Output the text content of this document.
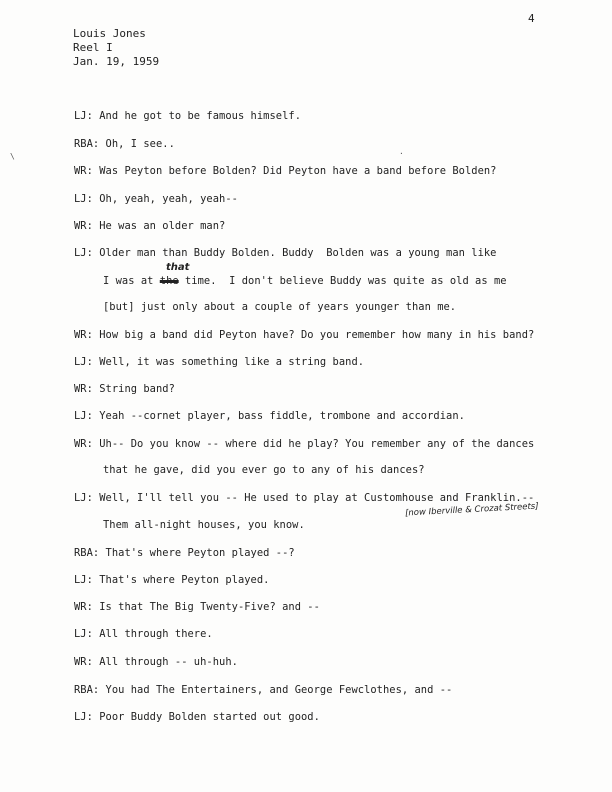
4
Louis Jones
Reel I
Jan. 19, 1959
LJ: And he got to be famous himself.
RBA: Oh, I see..
WR: Was Peyton before Bolden? Did Peyton have a band before Bolden?
LJ: Oh, yeah, yeah, yeah--
WR: He was an older man?
LJ: Older man than Buddy Bolden. Buddy  Bolden was a young man like
I was at the time.  I don't believe Buddy was quite as old as me
that
[but] just only about a couple of years younger than me.
WR: How big a band did Peyton have? Do you remember how many in his band?
LJ: Well, it was something like a string band.
WR: String band?
LJ: Yeah --cornet player, bass fiddle, trombone and accordian.
WR: Uh-- Do you know -- where did he play? You remember any of the dances
that he gave, did you ever go to any of his dances?
LJ: Well, I'll tell you -- He used to play at Customhouse and Franklin.--
Them all-night houses, you know.
[now Iberville & Crozat Streets]
RBA: That's where Peyton played --?
LJ: That's where Peyton played.
WR: Is that The Big Twenty-Five? and --
LJ: All through there.
WR: All through -- uh-huh.
RBA: You had The Entertainers, and George Fewclothes, and --
LJ: Poor Buddy Bolden started out good.
\
.
